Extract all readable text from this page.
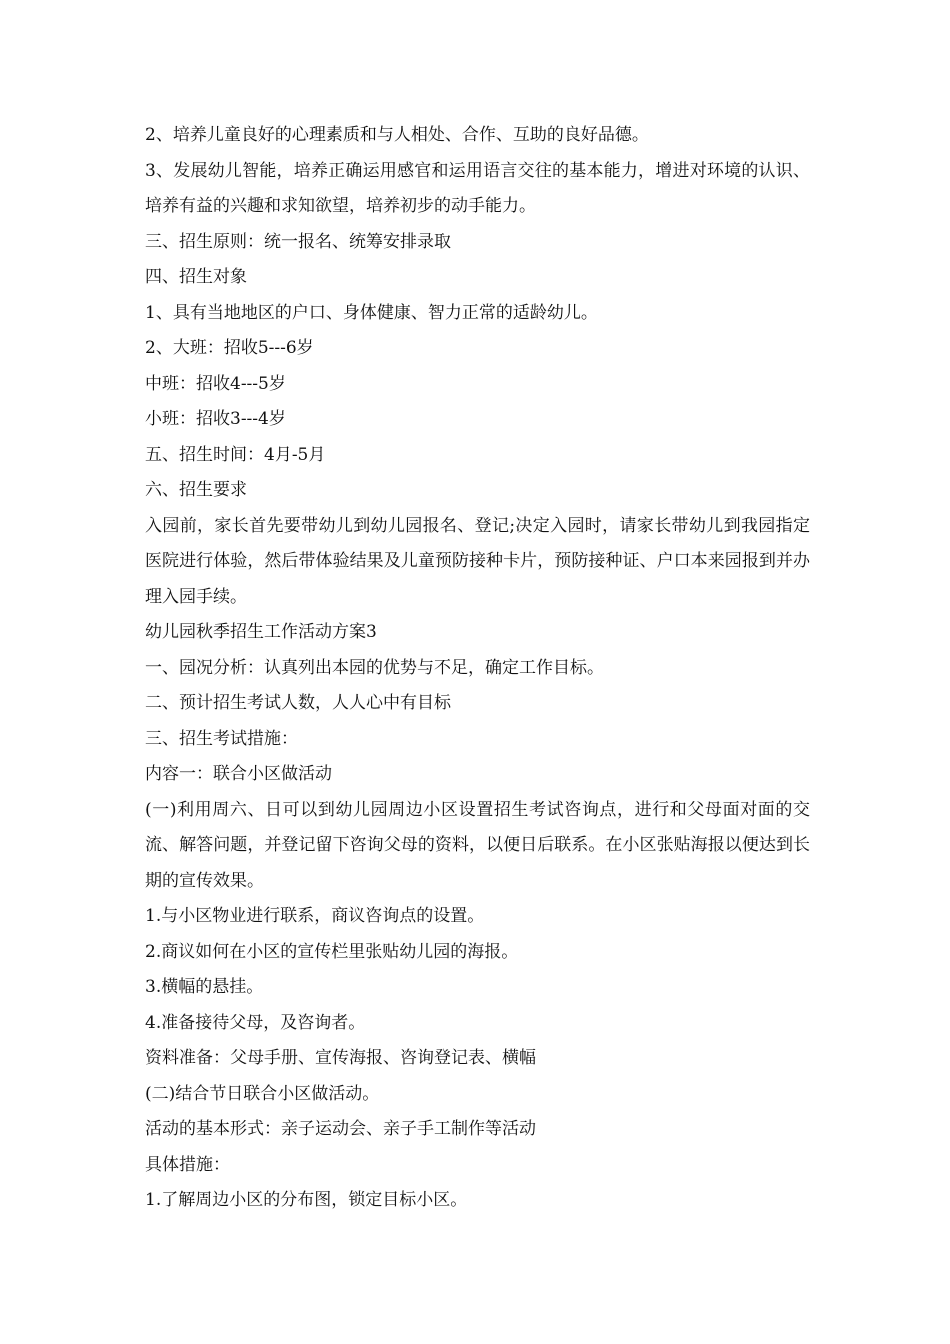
2、培养儿童良好的心理素质和与人相处、合作、互助的良好品德。

3、发展幼儿智能，培养正确运用感官和运用语言交往的基本能力，增进对环境的认识、培养有益的兴趣和求知欲望，培养初步的动手能力。

三、招生原则：统一报名、统筹安排录取

四、招生对象

1、具有当地地区的户口、身体健康、智力正常的适龄幼儿。

2、大班：招收5---6岁

中班：招收4---5岁

小班：招收3---4岁

五、招生时间：4月-5月

六、招生要求

入园前，家长首先要带幼儿到幼儿园报名、登记;决定入园时，请家长带幼儿到我园指定医院进行体验，然后带体验结果及儿童预防接种卡片，预防接种证、户口本来园报到并办理入园手续。

幼儿园秋季招生工作活动方案3

一、园况分析：认真列出本园的优势与不足，确定工作目标。

二、预计招生考试人数，人人心中有目标

三、招生考试措施：

内容一：联合小区做活动

(一)利用周六、日可以到幼儿园周边小区设置招生考试咨询点，进行和父母面对面的交流、解答问题，并登记留下咨询父母的资料，以便日后联系。在小区张贴海报以便达到长期的宣传效果。

1.与小区物业进行联系，商议咨询点的设置。

2.商议如何在小区的宣传栏里张贴幼儿园的海报。

3.横幅的悬挂。

4.准备接待父母，及咨询者。

资料准备：父母手册、宣传海报、咨询登记表、横幅

(二)结合节日联合小区做活动。

活动的基本形式：亲子运动会、亲子手工制作等活动

具体措施：

1.了解周边小区的分布图，锁定目标小区。
